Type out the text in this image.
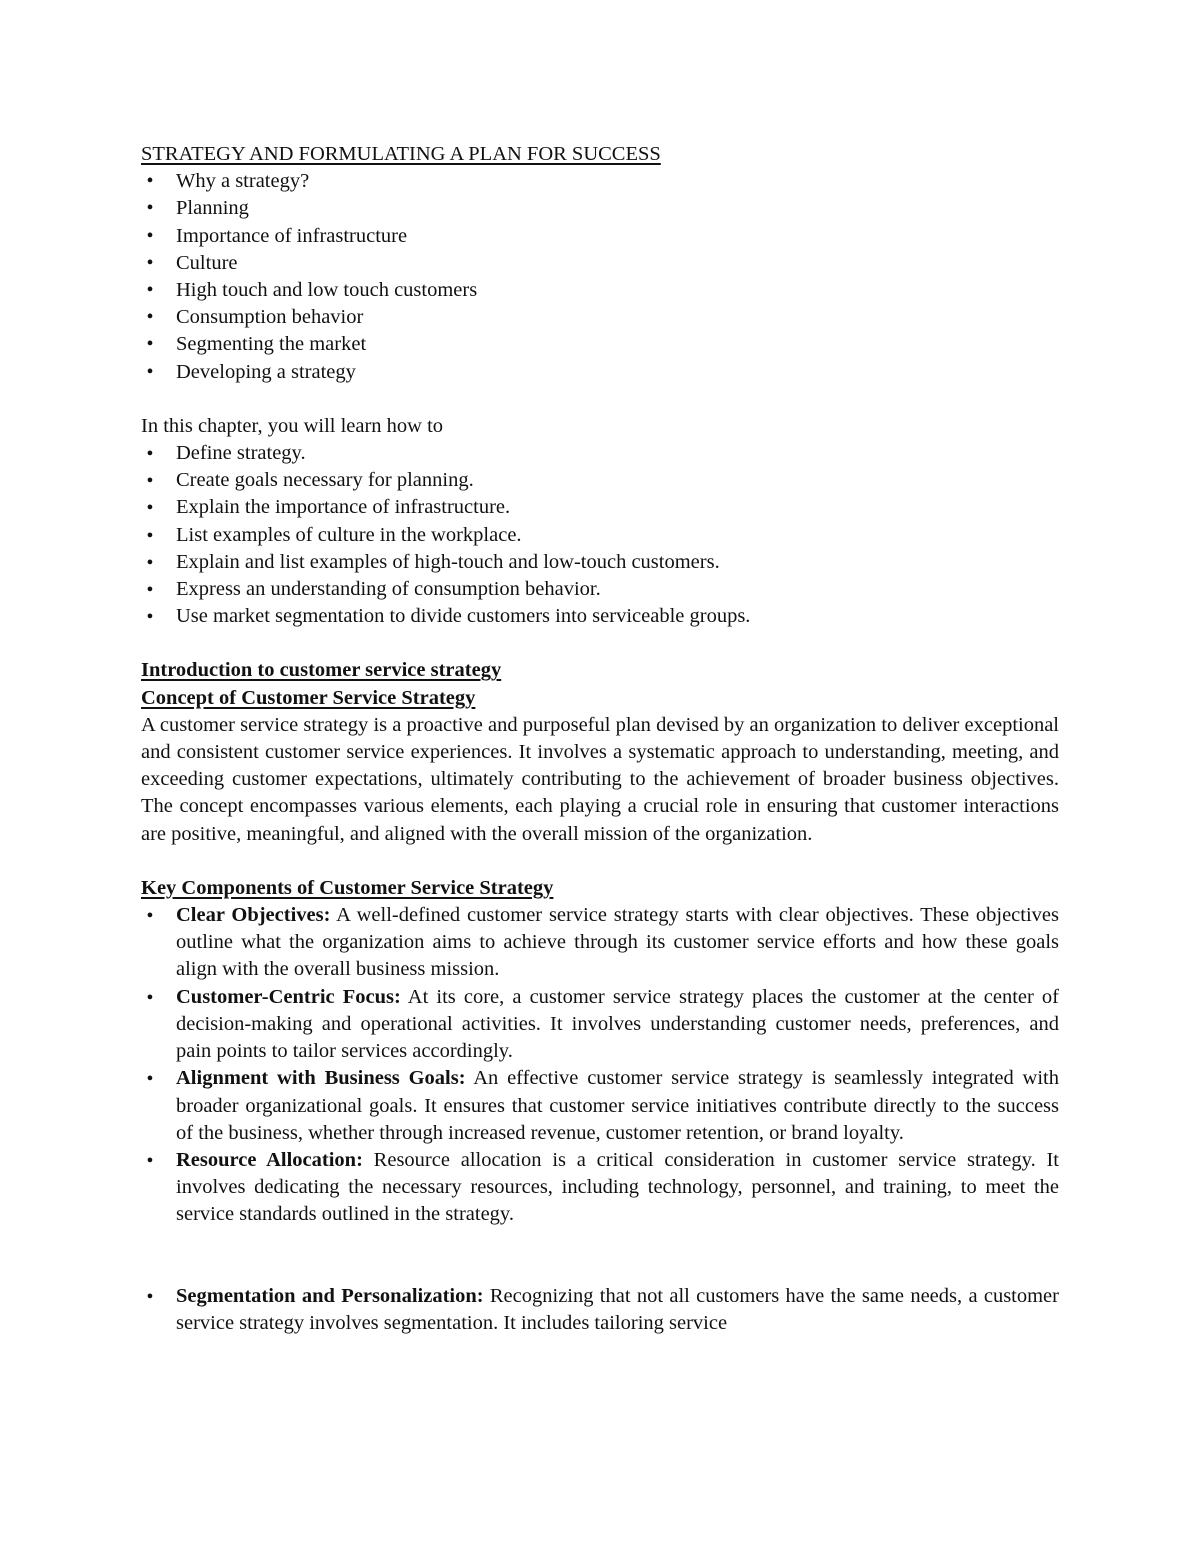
STRATEGY AND FORMULATING A PLAN FOR SUCCESS

•
Why a strategy?
•
Planning
•
Importance of infrastructure
•
Culture
•
High touch and low touch customers
•
Consumption behavior
•
Segmenting the market
•
Developing a strategy

In this chapter, you will learn how to

●
Define strategy.
●
Create goals necessary for planning.
●
Explain the importance of infrastructure.
●
List examples of culture in the workplace.
●
Explain and list examples of high-touch and low-touch customers.
●
Express an understanding of consumption behavior.
●
Use market segmentation to divide customers into serviceable groups.

Introduction to customer service strategy

Concept of Customer Service Strategy

A customer service strategy is a proactive and purposeful plan devised by an organization to deliver exceptional and consistent customer service experiences. It involves a systematic approach to understanding, meeting, and exceeding customer expectations, ultimately contributing to the achievement of broader business objectives. The concept encompasses various elements, each playing a crucial role in ensuring that customer interactions are positive, meaningful, and aligned with the overall mission of the organization.

Key Components of Customer Service Strategy

●
Clear Objectives: A well-defined customer service strategy starts with clear objectives. These objectives outline what the organization aims to achieve through its customer service efforts and how these goals align with the overall business mission.
●
Customer-Centric Focus: At its core, a customer service strategy places the customer at the center of decision-making and operational activities. It involves understanding customer needs, preferences, and pain points to tailor services accordingly.
●
Alignment with Business Goals: An effective customer service strategy is seamlessly integrated with broader organizational goals. It ensures that customer service initiatives contribute directly to the success of the business, whether through increased revenue, customer retention, or brand loyalty.
●
Resource Allocation: Resource allocation is a critical consideration in customer service strategy. It involves dedicating the necessary resources, including technology, personnel, and training, to meet the service standards outlined in the strategy.
●
Segmentation and Personalization: Recognizing that not all customers have the same needs, a customer service strategy involves segmentation. It includes tailoring service
